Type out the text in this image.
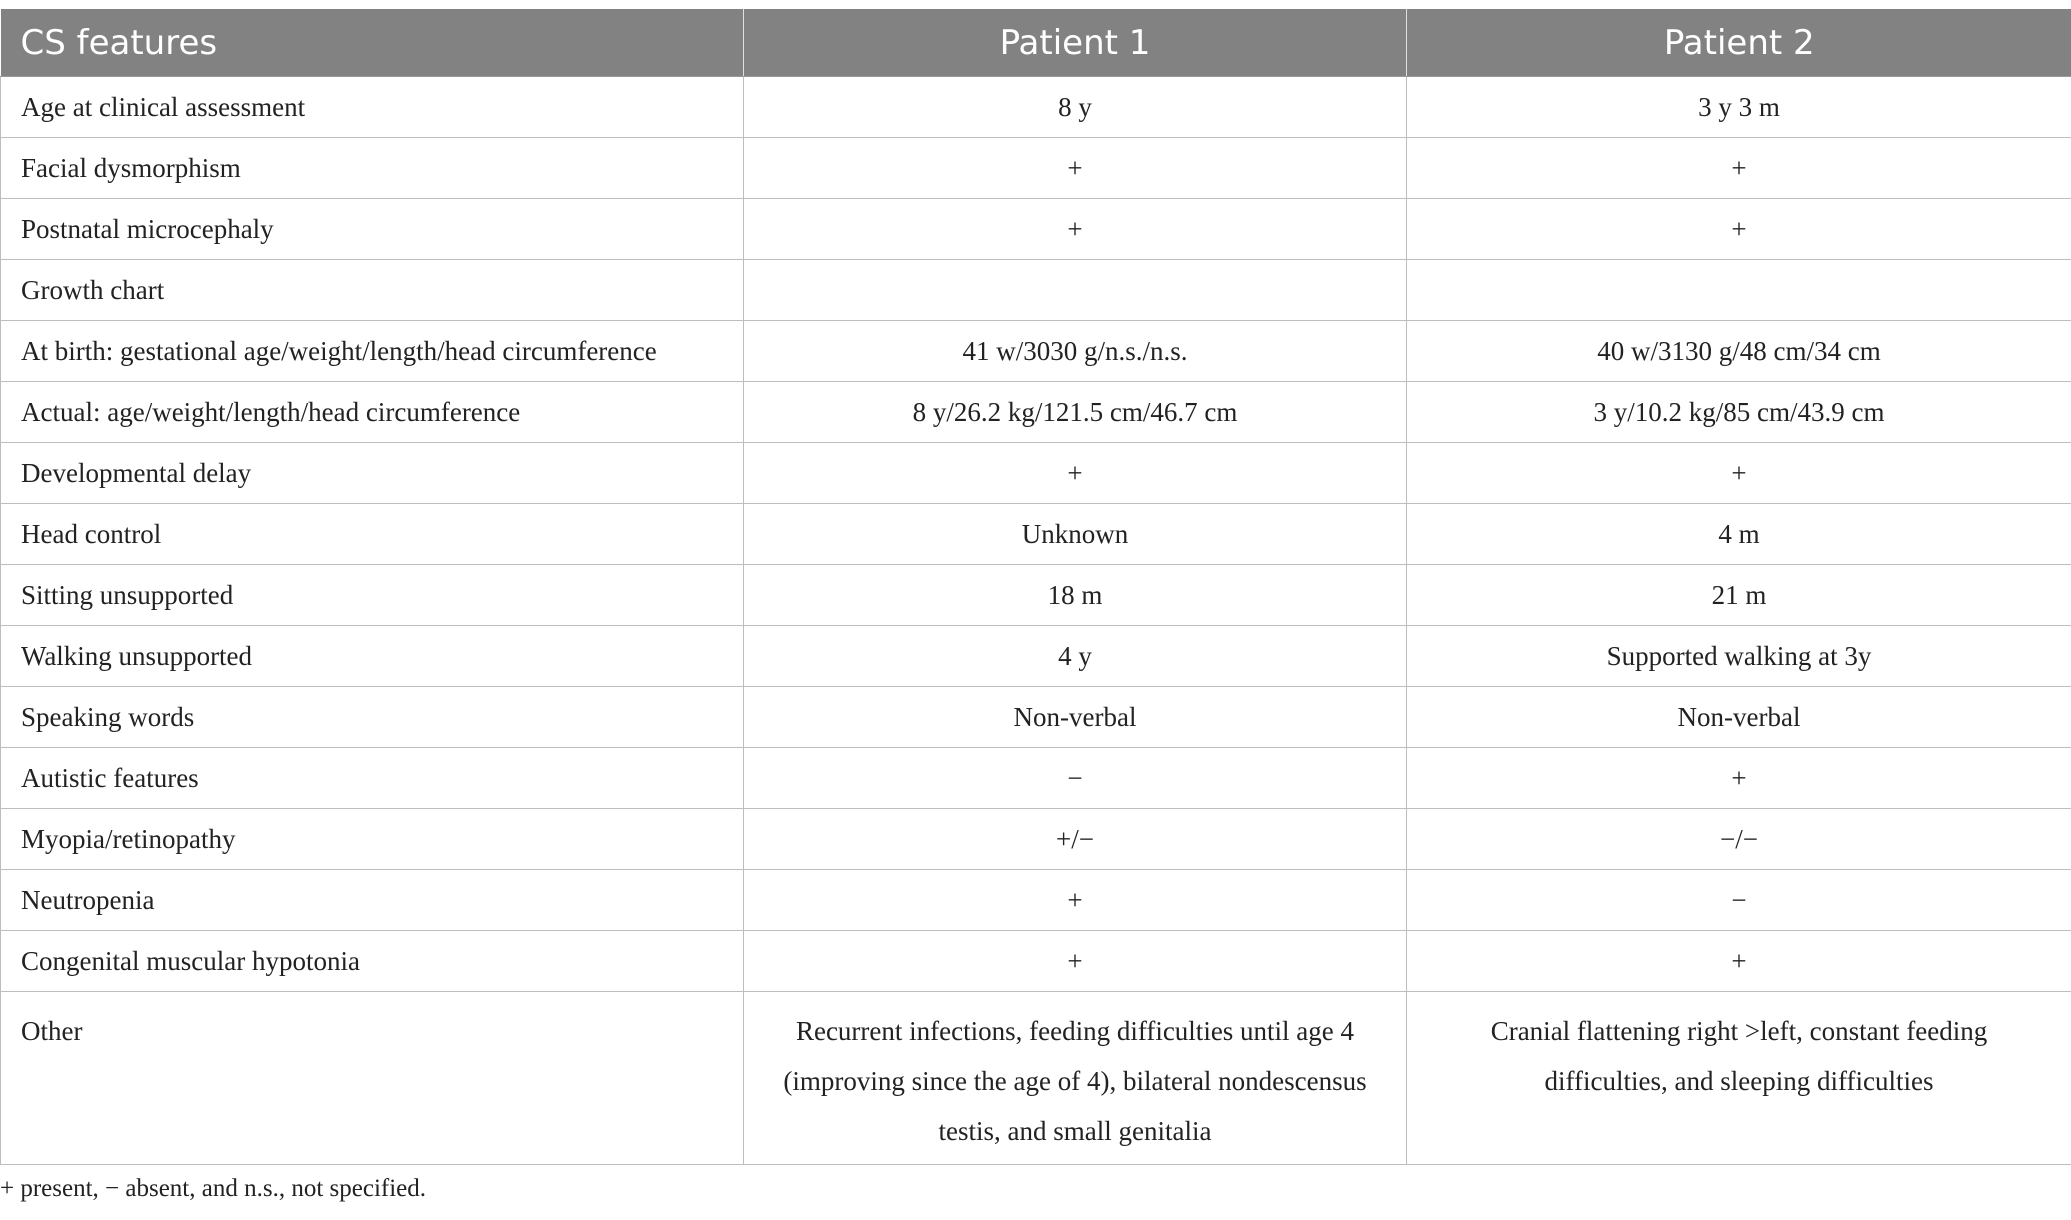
CS features	Patient 1	Patient 2
Age at clinical assessment	8 y	3 y 3 m
Facial dysmorphism	+	+
Postnatal microcephaly	+	+
Growth chart		
At birth: gestational age/weight/length/head circumference	41 w/3030 g/n.s./n.s.	40 w/3130 g/48 cm/34 cm
Actual: age/weight/length/head circumference	8 y/26.2 kg/121.5 cm/46.7 cm	3 y/10.2 kg/85 cm/43.9 cm
Developmental delay	+	+
Head control	Unknown	4 m
Sitting unsupported	18 m	21 m
Walking unsupported	4 y	Supported walking at 3y
Speaking words	Non-verbal	Non-verbal
Autistic features	−	+
Myopia/retinopathy	+/−	−/−
Neutropenia	+	−
Congenital muscular hypotonia	+	+
Other	Recurrent infections, feeding difficulties until age 4 (improving since the age of 4), bilateral nondescensus testis, and small genitalia	Cranial flattening right >left, constant feeding difficulties, and sleeping difficulties
+ present, − absent, and n.s., not specified.
